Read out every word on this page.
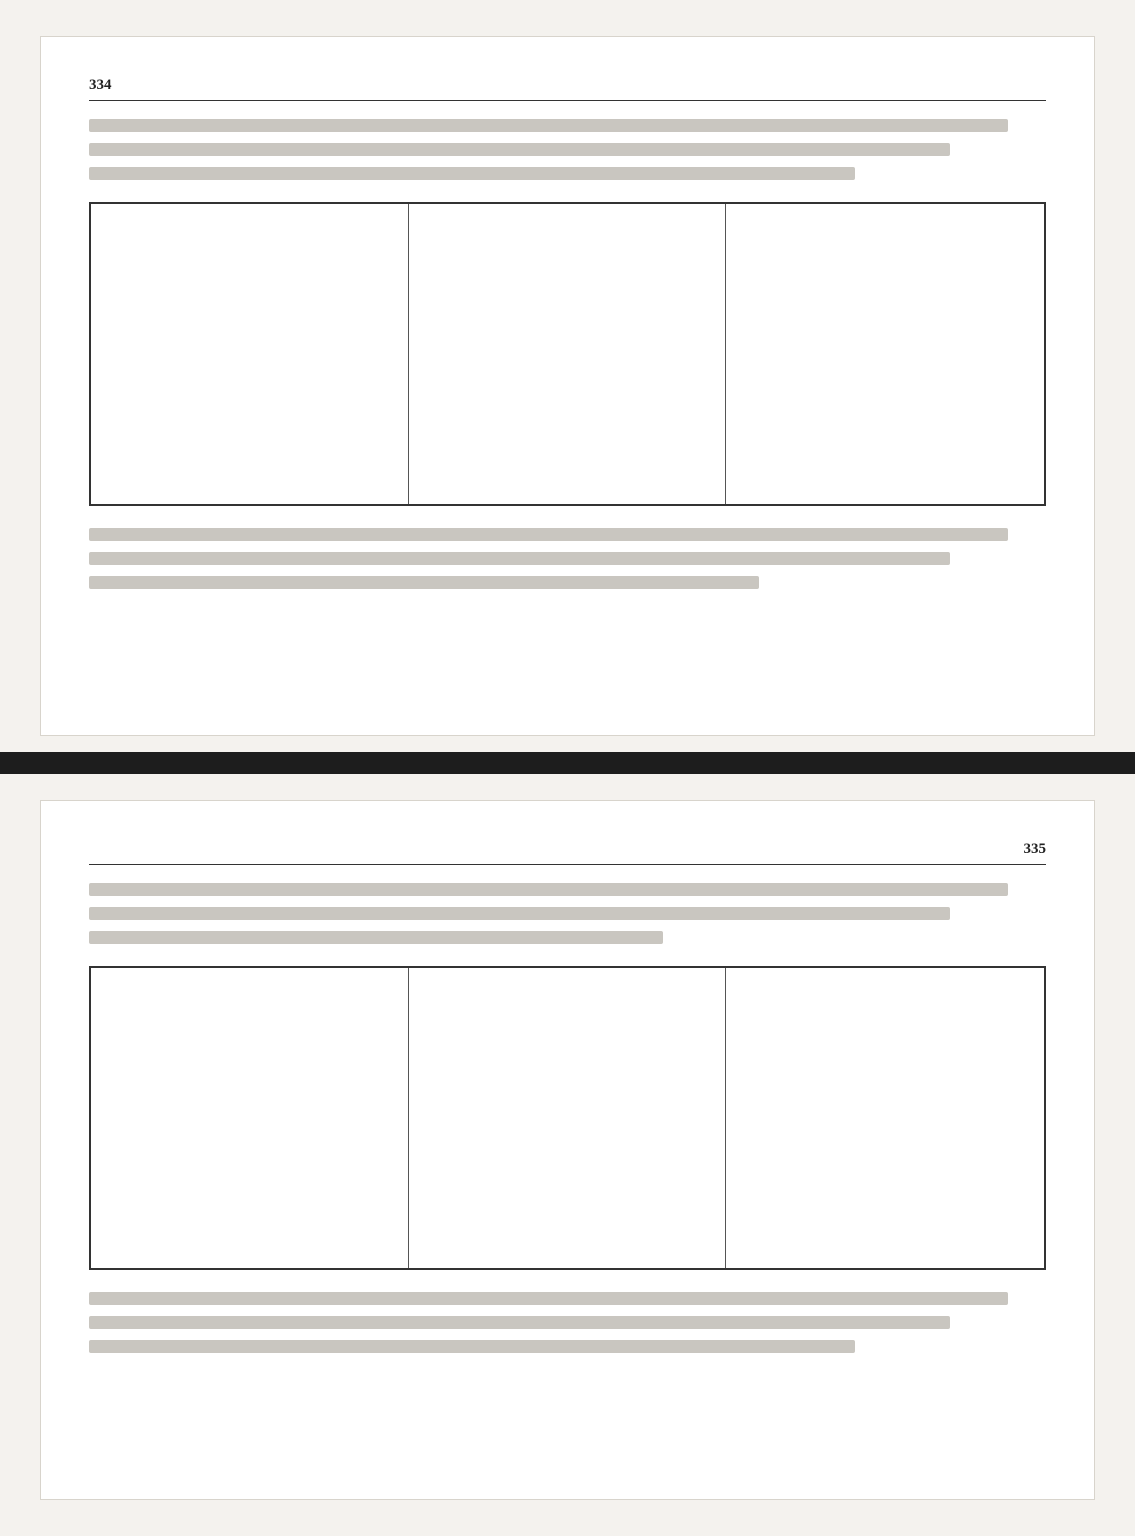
334
335
